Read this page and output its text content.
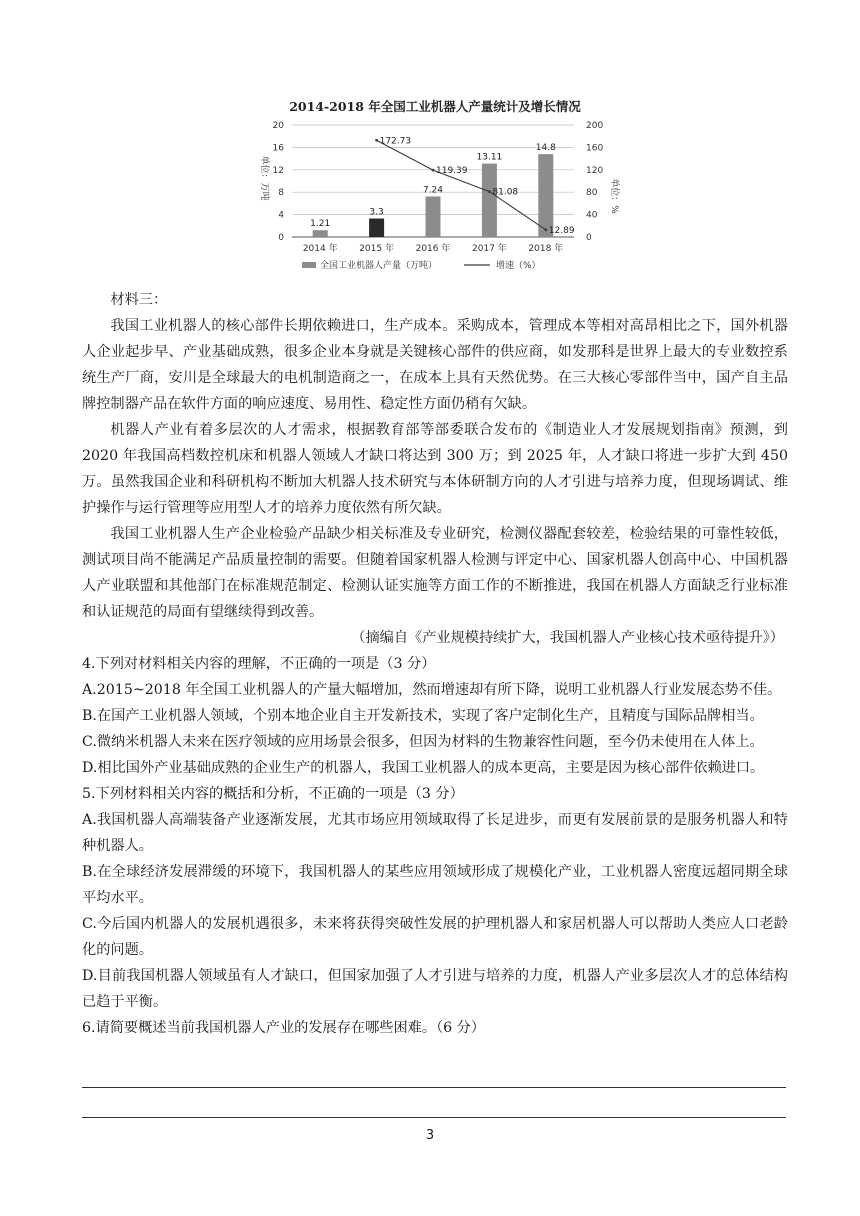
2014-2018 年全国工业机器人产量统计及增长情况
单位：万吨	单位：%
0
4
8
12
16
20
0
40
80
120
160
200
1.21
3.3
7.24
13.11
14.8
2014 年 2015 年 2016 年 2017 年 2018 年
172.73
119.39
81.08
12.89
全国工业机器人产量（万吨）	增速（%）

材料三：

我国工业机器人的核心部件长期依赖进口，生产成本。采购成本，管理成本等相对高昂相比之下，国外机器人企业起步早、产业基础成熟，很多企业本身就是关键核心部件的供应商，如发那科是世界上最大的专业数控系统生产厂商，安川是全球最大的电机制造商之一，在成本上具有天然优势。在三大核心零部件当中，国产自主品牌控制器产品在软件方面的响应速度、易用性、稳定性方面仍稍有欠缺。

机器人产业有着多层次的人才需求，根据教育部等部委联合发布的《制造业人才发展规划指南》预测，到 2020 年我国高档数控机床和机器人领域人才缺口将达到 300 万；到 2025 年，人才缺口将进一步扩大到 450 万。虽然我国企业和科研机构不断加大机器人技术研究与本体研制方向的人才引进与培养力度，但现场调试、维护操作与运行管理等应用型人才的培养力度依然有所欠缺。

我国工业机器人生产企业检验产品缺少相关标准及专业研究，检测仪器配套较差，检验结果的可靠性较低，测试项目尚不能满足产品质量控制的需要。但随着国家机器人检测与评定中心、国家机器人创高中心、中国机器人产业联盟和其他部门在标准规范制定、检测认证实施等方面工作的不断推进，我国在机器人方面缺乏行业标准和认证规范的局面有望继续得到改善。

（摘编自《产业规模持续扩大，我国机器人产业核心技术亟待提升》）

4.下列对材料相关内容的理解，不正确的一项是（3 分）

A.2015~2018 年全国工业机器人的产量大幅增加，然而增速却有所下降，说明工业机器人行业发展态势不佳。

B.在国产工业机器人领域，个别本地企业自主开发新技术，实现了客户定制化生产，且精度与国际品牌相当。

C.微纳米机器人未来在医疗领域的应用场景会很多，但因为材料的生物兼容性问题，至今仍未使用在人体上。

D.相比国外产业基础成熟的企业生产的机器人，我国工业机器人的成本更高，主要是因为核心部件依赖进口。

5.下列材料相关内容的概括和分析，不正确的一项是（3 分）

A.我国机器人高端装备产业逐渐发展，尤其市场应用领域取得了长足进步，而更有发展前景的是服务机器人和特种机器人。

B.在全球经济发展滞缓的环境下，我国机器人的某些应用领域形成了规模化产业，工业机器人密度远超同期全球平均水平。

C.今后国内机器人的发展机遇很多，未来将获得突破性发展的护理机器人和家居机器人可以帮助人类应人口老龄化的问题。

D.目前我国机器人领域虽有人才缺口，但国家加强了人才引进与培养的力度，机器人产业多层次人才的总体结构已趋于平衡。

6.请简要概述当前我国机器人产业的发展存在哪些困难。（6 分）

3
